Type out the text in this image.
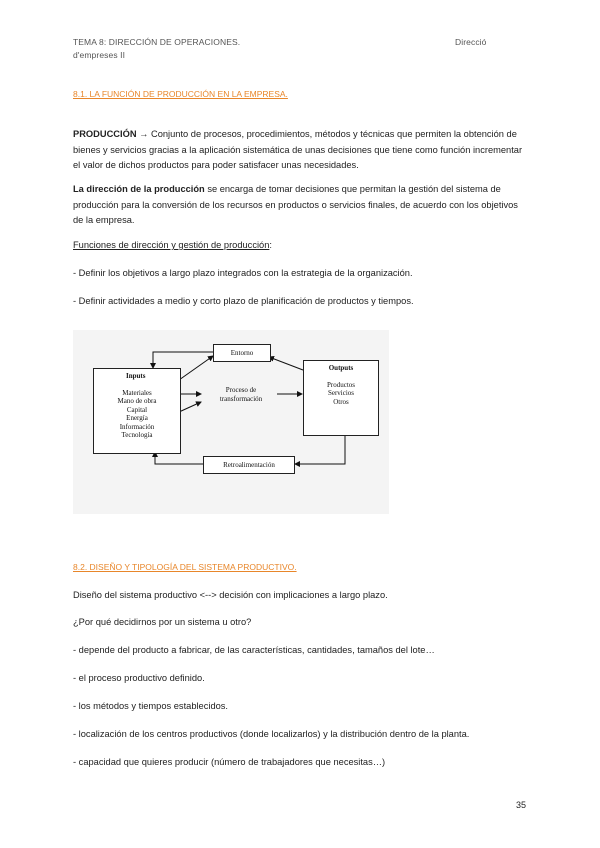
TEMA 8: DIRECCIÓN DE OPERACIONES.
d'empreses II
Direcció
8.1. LA FUNCIÓN DE PRODUCCIÓN EN LA EMPRESA.
PRODUCCIÓN → Conjunto de procesos, procedimientos, métodos y técnicas que permiten la obtención de bienes y servicios gracias a la aplicación sistemática de unas decisiones que tiene como función incrementar el valor de dichos productos para poder satisfacer unas necesidades.
La dirección de la producción se encarga de tomar decisiones que permitan la gestión del sistema de producción para la conversión de los recursos en productos o servicios finales, de acuerdo con los objetivos de la empresa.
Funciones de dirección y gestión de producción:
- Definir los objetivos a largo plazo integrados con la estrategia de la organización.
- Definir actividades a medio y corto plazo de planificación de productos y tiempos.
Entorno
Inputs
Materiales
Mano de obra
Capital
Energía
Información
Tecnología
Proceso de
transformación
Outputs
Productos
Servicios
Otros
Retroalimentación
8.2. DISEÑO Y TIPOLOGÍA DEL SISTEMA PRODUCTIVO.
Diseño del sistema productivo <--> decisión con implicaciones a largo plazo.
¿Por qué decidirnos por un sistema u otro?
- depende del producto a fabricar, de las características, cantidades, tamaños del lote…
- el proceso productivo definido.
- los métodos y tiempos establecidos.
- localización de los centros productivos (donde localizarlos) y la distribución dentro de la planta.
- capacidad que quieres producir (número de trabajadores que necesitas…)
35
